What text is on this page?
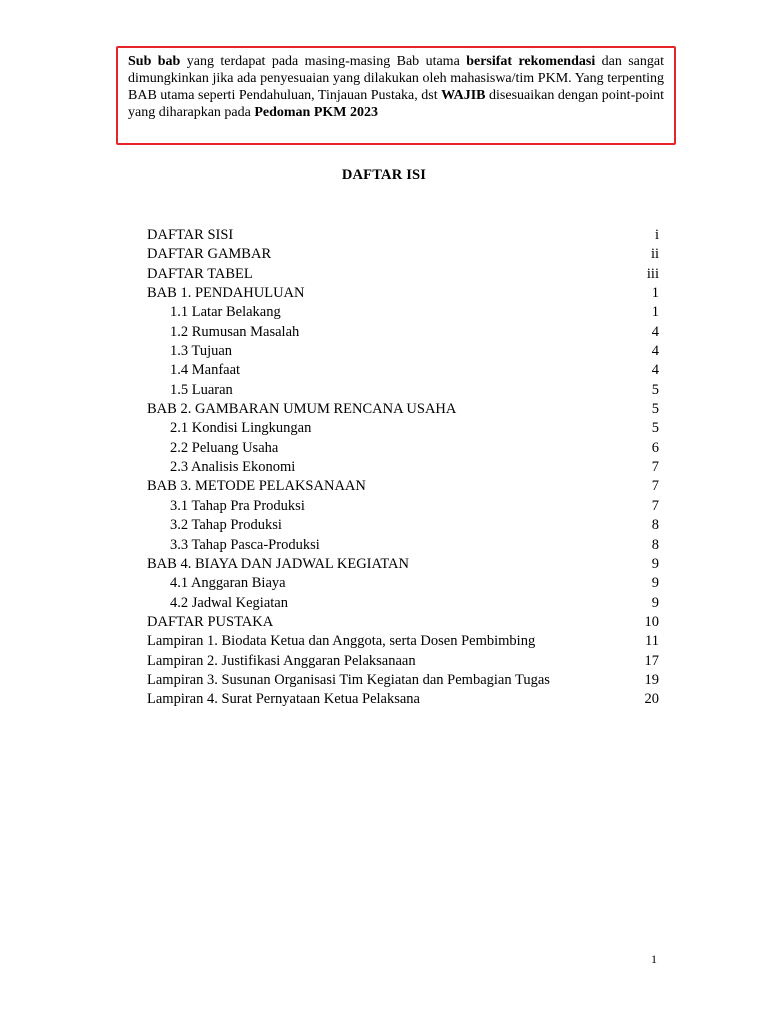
Sub bab yang terdapat pada masing-masing Bab utama bersifat rekomendasi dan sangat dimungkinkan jika ada penyesuaian yang dilakukan oleh mahasiswa/tim PKM. Yang terpenting BAB utama seperti Pendahuluan, Tinjauan Pustaka, dst WAJIB disesuaikan dengan point-point yang diharapkan pada Pedoman PKM 2023

DAFTAR ISI
DAFTAR SISI	i
DAFTAR GAMBAR	ii
DAFTAR TABEL	iii
BAB 1. PENDAHULUAN	1
1.1 Latar Belakang	1
1.2 Rumusan Masalah	4
1.3 Tujuan	4
1.4 Manfaat	4
1.5 Luaran	5
BAB 2. GAMBARAN UMUM RENCANA USAHA	5
2.1 Kondisi Lingkungan	5
2.2 Peluang Usaha	6
2.3 Analisis Ekonomi	7
BAB 3. METODE PELAKSANAAN	7
3.1 Tahap Pra Produksi	7
3.2 Tahap Produksi	8
3.3 Tahap Pasca-Produksi	8
BAB 4. BIAYA DAN JADWAL KEGIATAN	9
4.1 Anggaran Biaya	9
4.2 Jadwal Kegiatan	9
DAFTAR PUSTAKA	10
Lampiran 1. Biodata Ketua dan Anggota, serta Dosen Pembimbing	11
Lampiran 2. Justifikasi Anggaran Pelaksanaan	17
Lampiran 3. Susunan Organisasi Tim Kegiatan dan Pembagian Tugas	19
Lampiran 4. Surat Pernyataan Ketua Pelaksana	20
1
